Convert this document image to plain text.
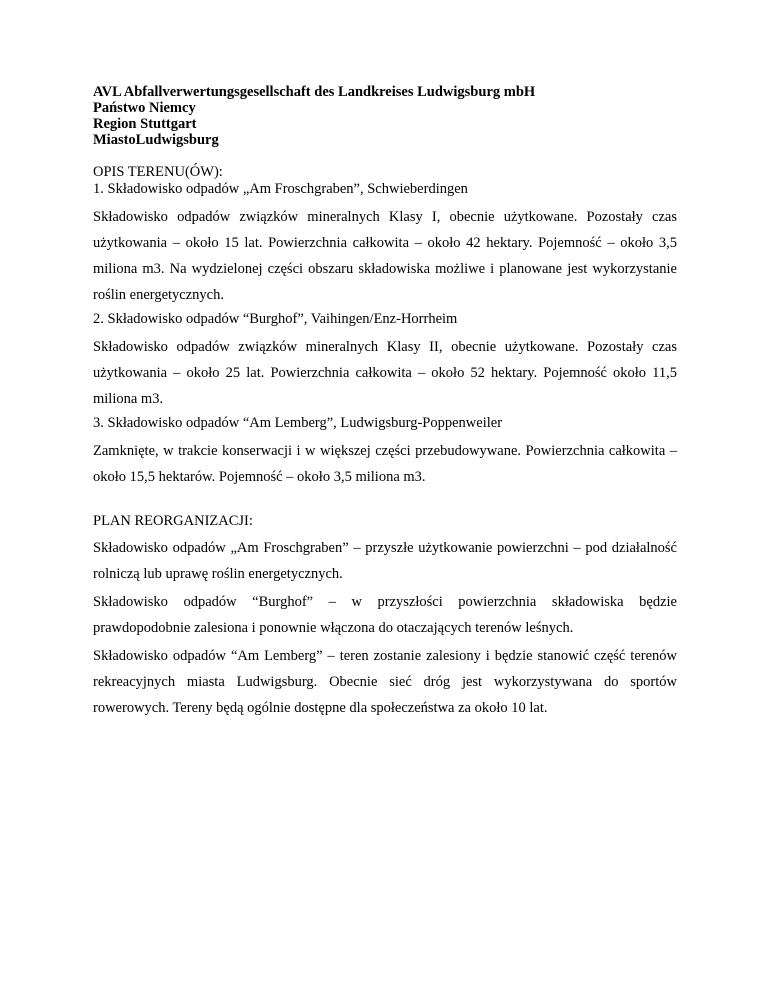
AVL Abfallverwertungsgesellschaft des Landkreises Ludwigsburg mbH

Państwo Niemcy

Region Stuttgart

MiastoLudwigsburg

OPIS TERENU(ÓW):

1. Składowisko odpadów „Am Froschgraben”, Schwieberdingen

Składowisko odpadów związków mineralnych Klasy I, obecnie użytkowane. Pozostały czas użytkowania – około 15 lat. Powierzchnia całkowita – około 42 hektary. Pojemność – około 3,5 miliona m3. Na wydzielonej części obszaru składowiska możliwe i planowane jest wykorzystanie roślin energetycznych.

2. Składowisko odpadów “Burghof”, Vaihingen/Enz-Horrheim

Składowisko odpadów związków mineralnych Klasy II, obecnie użytkowane. Pozostały czas użytkowania – około 25 lat. Powierzchnia całkowita – około 52 hektary. Pojemność około 11,5 miliona m3.

3. Składowisko odpadów “Am Lemberg”, Ludwigsburg-Poppenweiler

Zamknięte, w trakcie konserwacji i w większej części przebudowywane. Powierzchnia całkowita – około 15,5 hektarów. Pojemność – około 3,5 miliona m3.

PLAN REORGANIZACJI:

Składowisko odpadów „Am Froschgraben” – przyszłe użytkowanie powierzchni – pod działalność rolniczą lub uprawę roślin energetycznych.

Składowisko odpadów “Burghof” – w przyszłości powierzchnia składowiska będzie prawdopodobnie zalesiona i ponownie włączona do otaczających terenów leśnych.

Składowisko odpadów “Am Lemberg” – teren zostanie zalesiony i będzie stanowić część terenów rekreacyjnych miasta Ludwigsburg. Obecnie sieć dróg jest wykorzystywana do sportów rowerowych. Tereny będą ogólnie dostępne dla społeczeństwa za około 10 lat.
